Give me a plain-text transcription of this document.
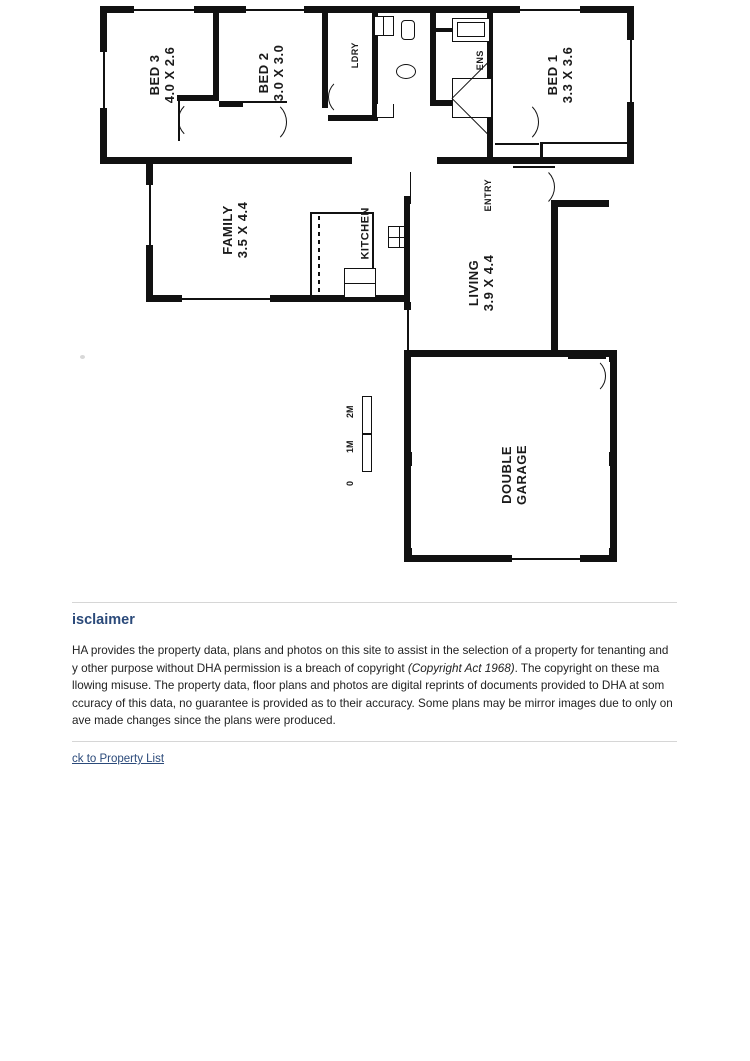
BED 3
4.0 X 2.6	BED 2
3.0 X 3.0	LDRY	ENS	BED 1
3.3 X 3.6
FAMILY
3.5 X 4.4	KITCHEN
ENTRY
LIVING
3.9 X 4.4
DOUBLE
GARAGE
2M
1M
0
isclaimer
HA provides the property data, plans and photos on this site to assist in the selection of a property for tenanting and
y other purpose without DHA permission is a breach of copyright (Copyright Act 1968). The copyright on these ma
llowing misuse. The property data, floor plans and photos are digital reprints of documents provided to DHA at som
ccuracy of this data, no guarantee is provided as to their accuracy. Some plans may be mirror images due to only on
ave made changes since the plans were produced.
ck to Property List
